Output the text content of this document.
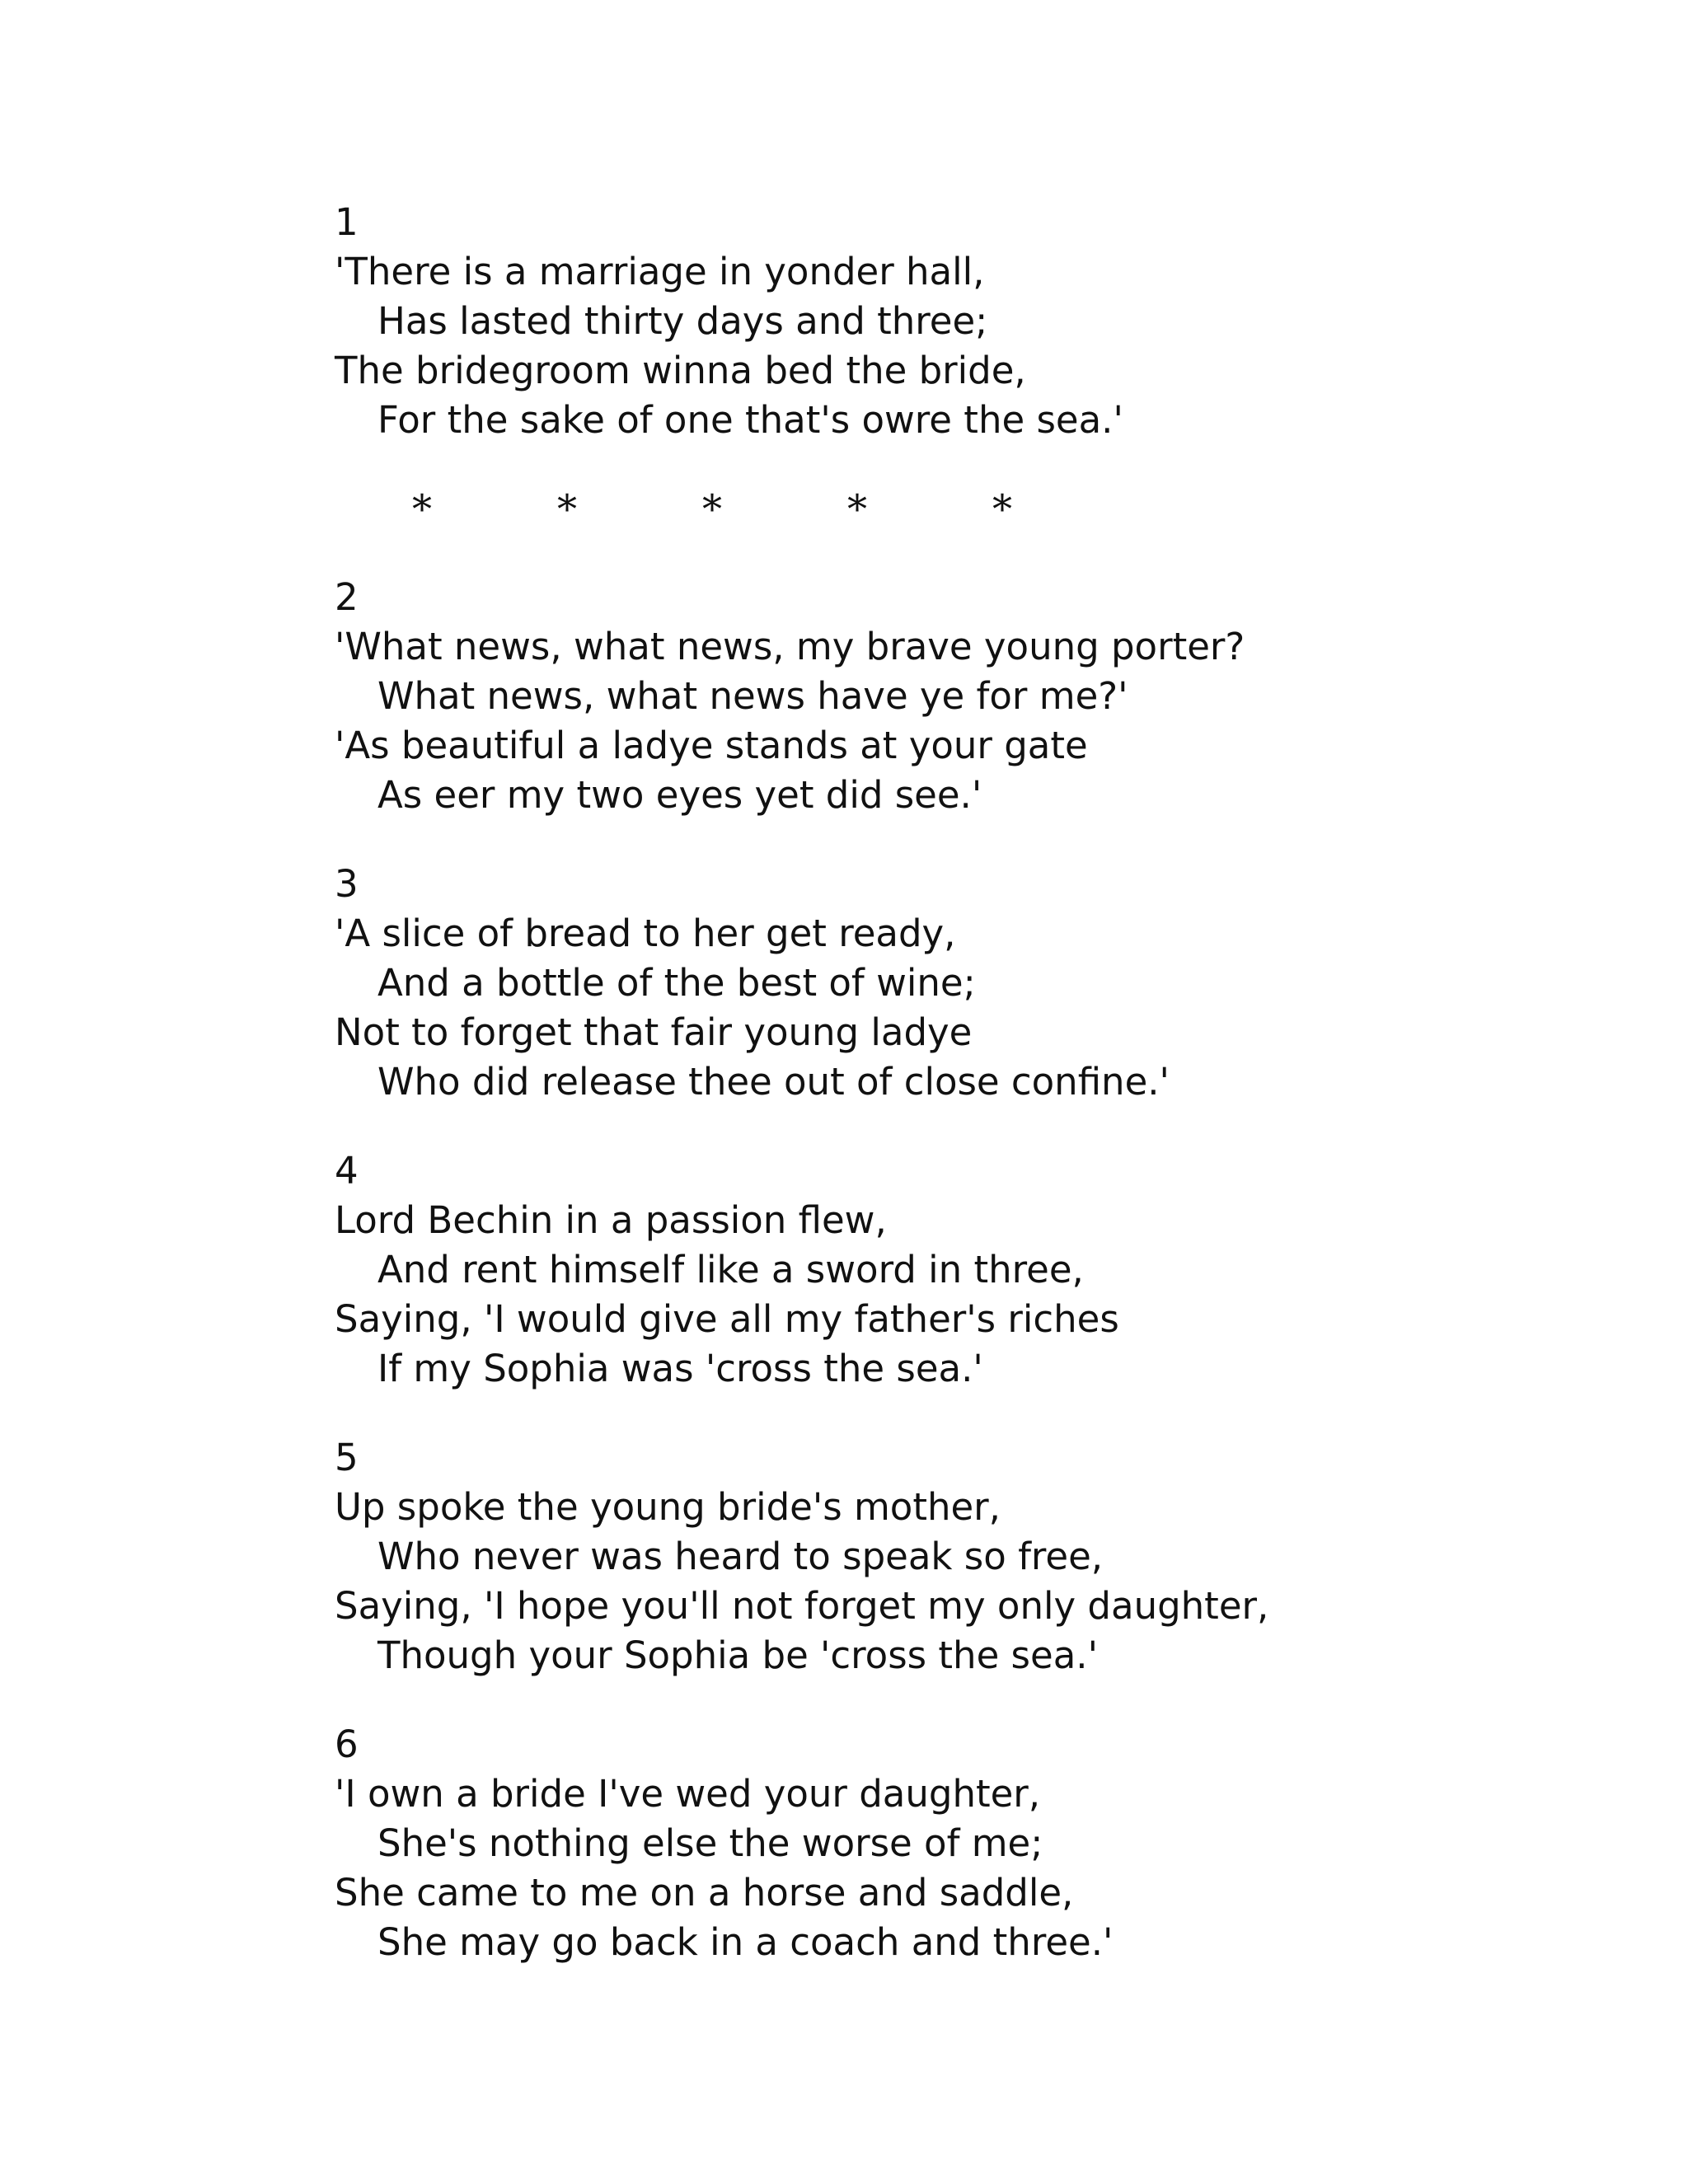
1
'There is a marriage in yonder hall,
Has lasted thirty days and three;
The bridegroom winna bed the bride,
For the sake of one that's owre the sea.'
*	*	*	*	*
2
'What news, what news, my brave young porter?
What news, what news have ye for me?'
'As beautiful a ladye stands at your gate
As eer my two eyes yet did see.'
3
'A slice of bread to her get ready,
And a bottle of the best of wine;
Not to forget that fair young ladye
Who did release thee out of close confine.'
4
Lord Bechin in a passion flew,
And rent himself like a sword in three,
Saying, 'I would give all my father's riches
If my Sophia was 'cross the sea.'
5
Up spoke the young bride's mother,
Who never was heard to speak so free,
Saying, 'I hope you'll not forget my only daughter,
Though your Sophia be 'cross the sea.'
6
'I own a bride I've wed your daughter,
She's nothing else the worse of me;
She came to me on a horse and saddle,
She may go back in a coach and three.'
